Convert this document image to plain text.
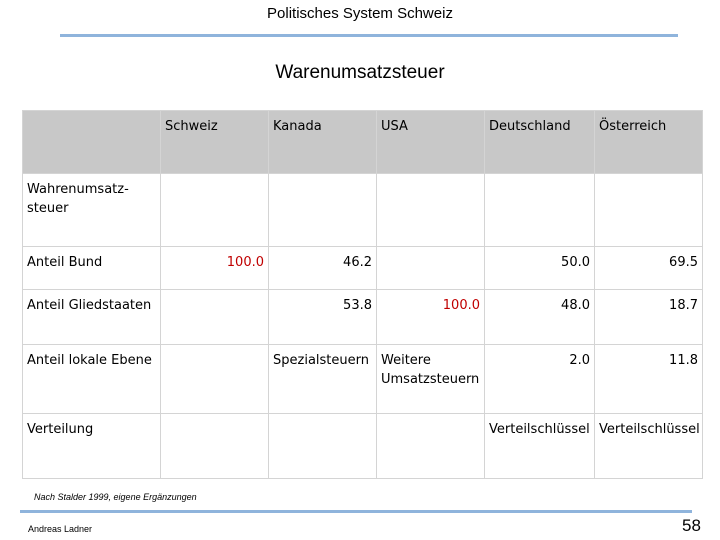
Politisches System Schweiz
Warenumsatzsteuer
	Schweiz	Kanada	USA	Deutschland	Österreich
Wahrenumsatz-steuer					
Anteil Bund	100.0	46.2		50.0	69.5
Anteil Gliedstaaten		53.8	100.0	48.0	18.7
Anteil lokale Ebene		Spezialsteuern	Weitere Umsatzsteuern	2.0	11.8
Verteilung				Verteilschlüssel	Verteilschlüssel
Nach Stalder 1999, eigene Ergänzungen
Andreas Ladner	58
